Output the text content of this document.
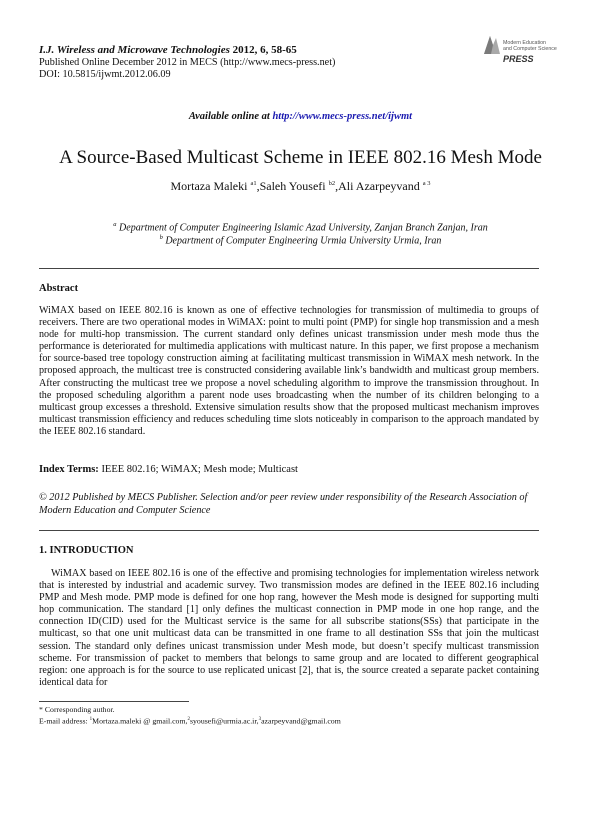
I.J. Wireless and Microwave Technologies 2012, 6, 58-65
Published Online December 2012 in MECS (http://www.mecs-press.net)
DOI: 10.5815/ijwmt.2012.06.09
Modern Education
and Computer Science
PRESS
Available online at http://www.mecs-press.net/ijwmt
A Source-Based Multicast Scheme in IEEE 802.16 Mesh Mode
Mortaza Maleki $^{a1}$,Saleh Yousefi $^{b2}$,Ali Azarpeyvand $^{a 3}$
$^a$ Department of Computer Engineering Islamic Azad University, Zanjan Branch Zanjan, Iran
$^b$ Department of Computer Engineering Urmia University Urmia, Iran
Abstract

WiMAX based on IEEE 802.16 is known as one of effective technologies for transmission of multimedia to groups of receivers. There are two operational modes in WiMAX: point to multi point (PMP) for single hop transmission and a mesh node for multi-hop transmission. The current standard only defines unicast transmission under mesh mode thus the performance is deteriorated for multimedia applications with multicast nature. In this paper, we first propose a mechanism for source-based tree topology construction aiming at facilitating multicast transmission in WiMAX mesh network. In the proposed approach, the multicast tree is constructed considering available link’s bandwidth and multicast group members. After constructing the multicast tree we propose a novel scheduling algorithm to improve the transmission throughout. In the proposed scheduling algorithm a parent node uses broadcasting when the number of its children belonging to a multicast group excesses a threshold. Extensive simulation results show that the proposed multicast mechanism improves multicast transmission efficiency and reduces scheduling time slots noticeably in comparison to the approach mandated by the IEEE 802.16 standard.

Index Terms: IEEE 802.16; WiMAX; Mesh mode; Multicast
© 2012 Published by MECS Publisher. Selection and/or peer review under responsibility of the Research Association of Modern Education and Computer Science
1. INTRODUCTION

WiMAX based on IEEE 802.16 is one of the effective and promising technologies for implementation wireless network that is interested by industrial and academic survey. Two transmission modes are defined in the IEEE 802.16 including PMP and Mesh mode. PMP mode is defined for one hop rang, however the Mesh mode is designed for supporting multi hop communication. The standard [1] only defines the multicast connection in PMP mode in one hop range, and the connection ID(CID) used for the Multicast service is the same for all subscribe stations(SSs) that participate in the multicast, so that one unit multicast data can be transmitted in one frame to all destination SSs that join the multicast session. The standard only defines unicast transmission under Mesh mode, but doesn’t specify multicast transmission scheme. For transmission of packet to members that belongs to same group and are located to different geographical region: one approach is for the source to use replicated unicast [2], that is, the source created a separate packet containing identical data for

* Corresponding author.
E-mail address: $^1$Mortaza.maleki @ gmail.com,$^2$syousefi@urmia.ac.ir,$^3$azarpeyvand@gmail.com
